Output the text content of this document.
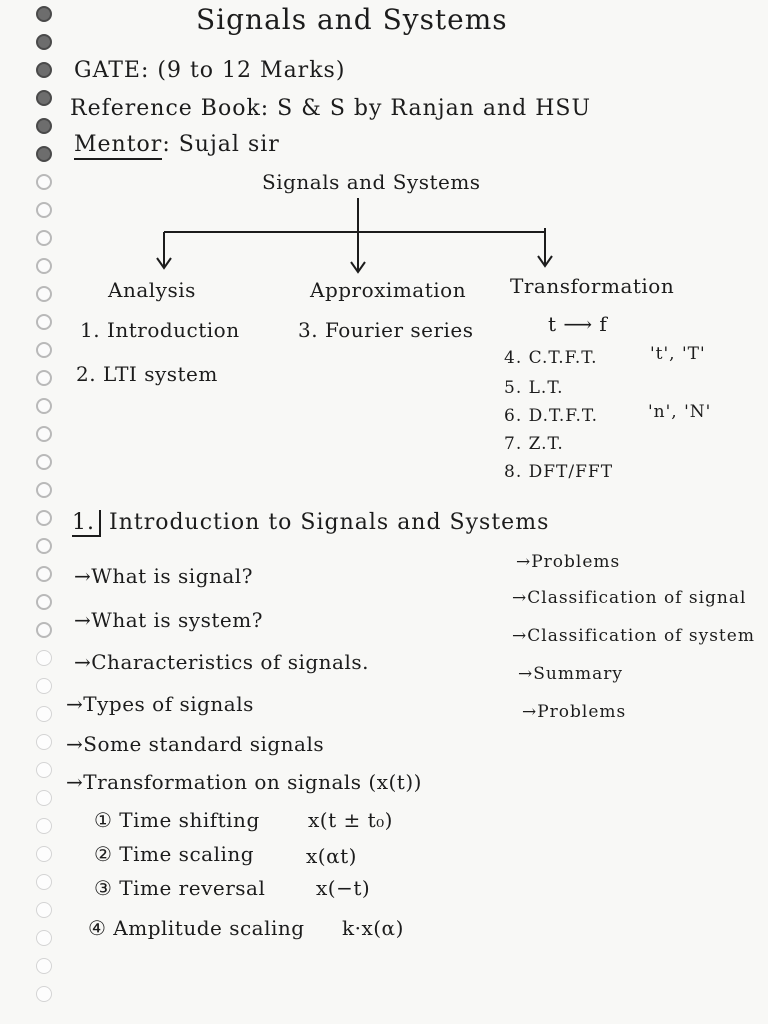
Signals and Systems
GATE: (9 to 12 Marks)
Reference Book: S & S by Ranjan and HSU
Mentor: Sujal sir
Signals and Systems
Analysis	Approximation Transformation
1. Introduction
2. LTI system
3. Fourier series	t ⟶ f
4. C.T.F.T.	't', 'T'
5. L.T.
6. D.T.F.T.	'n', 'N'
7. Z.T.
8. DFT/FFT
1. Introduction to Signals and Systems
→What is signal?
→What is system?
→Characteristics of signals.
→Types of signals
→Some standard signals
→Transformation on signals (x(t))
① Time shifting x(t ± t₀)
② Time scaling	x(αt)
③ Time reversal	x(−t)
④ Amplitude scaling k·x(α)
→Problems
→Classification of signal
→Classification of system
→Summary
→Problems
